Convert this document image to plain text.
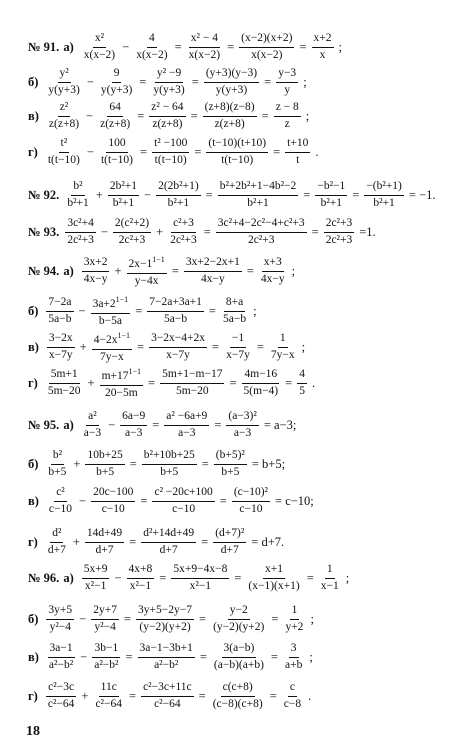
№ 91. $а) \frac{\text{x²}}{x(x-2)} - \frac{4}{x(x-2)} = \frac{\text{x² − 4}}{x(x-2)} = \frac{(x-2)(x+2)}{x(x-2)} = \frac{x+2}{x}$ ;
$б) \frac{\text{y²}}{y(y+3)} - \frac{9}{y(y+3)} = \frac{\text{y² −9}}{y(y+3)} = \frac{(y+3)(y-3)}{y(y+3)} = \frac{y-3}{y}$ ;
$в) \frac{\text{z²}}{z(z+8)} - \frac{64}{z(z+8)} = \frac{\text{z² − 64}}{z(z+8)} = \frac{(z+8)(z-8)}{z(z+8)} = \frac{z - 8}{z}$ ;
$г) \frac{\text{t²}}{t(t-10)} - \frac{100}{t(t-10)} = \frac{\text{t² −100}}{t(t-10)} = \frac{(t-10)(t+10)}{t(t-10)} = \frac{t+10}{t}$ .
№ 92. $\frac{\text{b²}}{\text{b²+1}} + \frac{\text{2b²+1}}{\text{b²+1}} - \frac{\text{2(2b²+1)}}{\text{b²+1}} = \frac{\text{b²+2b²+1−4b²−2}}{\text{b²+1}} = \frac{\text{−b²−1}}{\text{b²+1}} = \frac{\text{−(b²+1)}}{\text{b²+1}} = -1$.
№ 93. $\frac{\text{3c²+4}}{\text{2c²+3}} - \frac{\text{2(c²+2)}}{\text{2c²+3}} + \frac{\text{c²+3}}{\text{2c²+3}} = \frac{\text{3c²+4−2c²−4+c²+3}}{\text{2c²+3}} = \frac{\text{2c²+3}}{\text{2c²+3}} =1$.
№ 94. $а) \frac{3x+2}{4x-y} + \frac{2x-1^{1-1}}{y-4x} = \frac{3x+2-2x+1}{4x-y} = \frac{x+3}{4x-y}$ ;
$б) \frac{7-2a}{5a-b} - \frac{3a+2^{1-1}}{b-5a} = \frac{7-2a+3a+1}{5a-b} = \frac{8+a}{5a-b}$ ;
$в) \frac{3-2x}{x-7y} + \frac{4-2x^{1-1}}{7y-x} = \frac{3-2x-4+2x}{x-7y} = \frac{-1}{x-7y} = \frac{1}{7y-x}$ ;
$г) \frac{5m+1}{5m-20} + \frac{m+17^{1-1}}{20-5m} = \frac{5m+1-m-17}{5m-20} = \frac{4m-16}{5(m-4)} = \frac{4}{5}$ .
№ 95. $а) \frac{\text{a²}}{a-3} - \frac{6a-9}{a-3} = \frac{\text{a² −6a+9}}{a-3} = \frac{\text{(a−3)²}}{a-3} = a-3$;
$б) \frac{\text{b²}}{b+5} + \frac{10b+25}{b+5} = \frac{\text{b²+10b+25}}{b+5} = \frac{\text{(b+5)²}}{b+5} = b+5$;
$в) \frac{\text{c²}}{c-10} - \frac{20c-100}{c-10} = \frac{\text{c² −20c+100}}{c-10} = \frac{\text{(c−10)²}}{c-10} = c-10$;
$г) \frac{\text{d²}}{d+7} + \frac{14d+49}{d+7} = \frac{\text{d²+14d+49}}{d+7} = \frac{\text{(d+7)²}}{d+7} = d+7$.
№ 96. $а) \frac{5x+9}{\text{x²−1}} - \frac{4x+8}{\text{x²−1}} = \frac{5x+9-4x-8}{\text{x²−1}} = \frac{x+1}{(x-1)(x+1)} = \frac{1}{x-1}$ ;
$б) \frac{3y+5}{\text{y²−4}} - \frac{2y+7}{\text{y²−4}} = \frac{3y+5-2y-7}{(y-2)(y+2)} = \frac{y-2}{(y-2)(y+2)} = \frac{1}{y+2}$ ;
$в) \frac{3a-1}{\text{a²−b²}} - \frac{3b-1}{\text{a²−b²}} = \frac{3a-1-3b+1}{\text{a²−b²}} = \frac{3(a-b)}{(a-b)(a+b)} = \frac{3}{a+b}$ ;
$г) \frac{\text{c²−3c}}{\text{c²−64}} + \frac{11c}{\text{c²−64}} = \frac{\text{c²−3c+11c}}{\text{c²−64}} = \frac{c(c+8)}{(c-8)(c+8)} = \frac{c}{c-8}$ .
18
